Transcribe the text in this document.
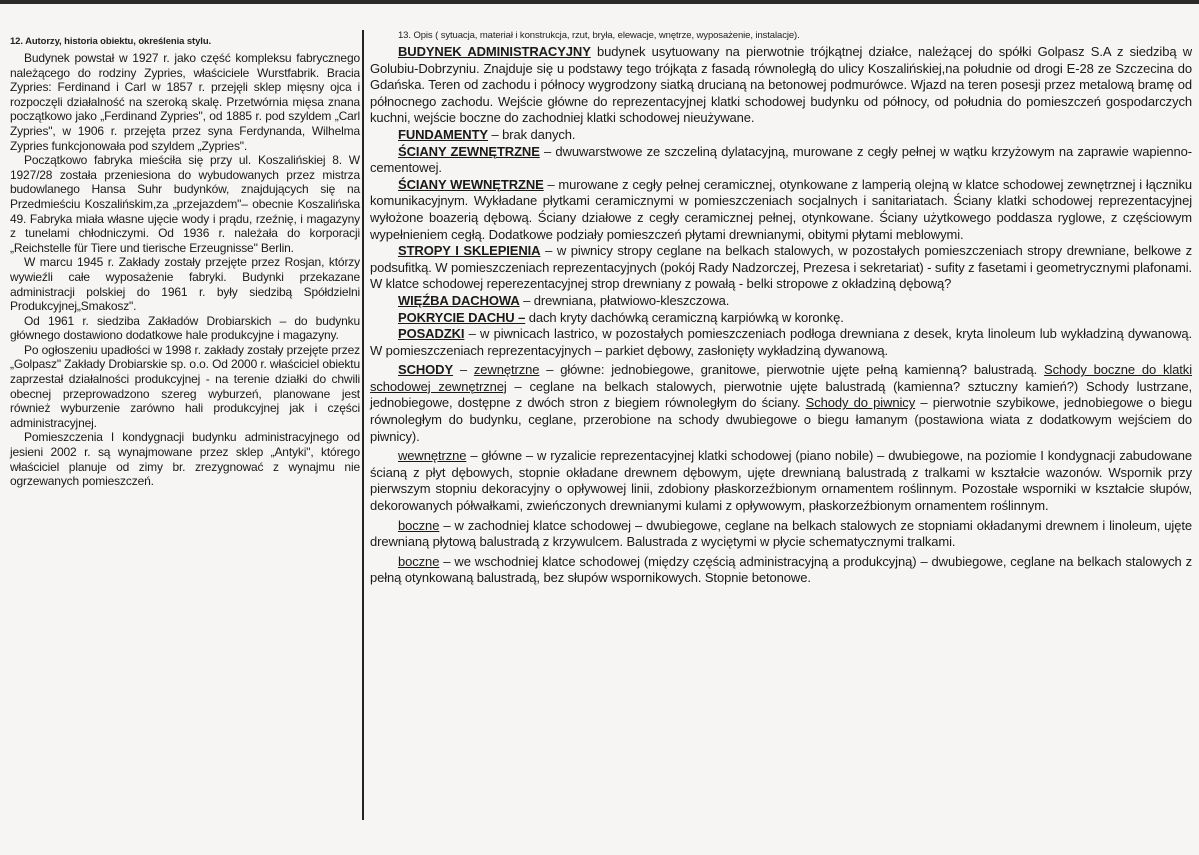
12. Autorzy, historia obiektu, określenia stylu.

Budynek powstał w 1927 r. jako część kompleksu fabrycznego należącego do rodziny Zypries, właściciele Wurstfabrik. Bracia Zypries: Ferdinand i Carl w 1857 r. przejęli sklep mięsny ojca i rozpoczęli działalność na szeroką skalę. Przetwórnia mięsa znana początkowo jako „Ferdinand Zypries", od 1885 r. pod szyldem „Carl Zypries", w 1906 r. przejęta przez syna Ferdynanda, Wilhelma Zypries funkcjonowała pod szyldem „Zypries".

Początkowo fabryka mieściła się przy ul. Koszalińskiej 8. W 1927/28 została przeniesiona do wybudowanych przez mistrza budowlanego Hansa Suhr budynków, znajdujących się na Przedmieściu Koszalińskim,za „przejazdem"– obecnie Koszalińska 49. Fabryka miała własne ujęcie wody i prądu, rzeźnię, i magazyny z tunelami chłodniczymi. Od 1936 r. należała do korporacji „Reichstelle für Tiere und tierische Erzeugnisse" Berlin.

W marcu 1945 r. Zakłady zostały przejęte przez Rosjan, którzy wywieźli całe wyposażenie fabryki. Budynki przekazane administracji polskiej do 1961 r. były siedzibą Spółdzielni Produkcyjnej„Smakosz".

Od 1961 r. siedziba Zakładów Drobiarskich – do budynku głównego dostawiono dodatkowe hale produkcyjne i magazyny.

Po ogłoszeniu upadłości w 1998 r. zakłady zostały przejęte przez „Golpasz" Zakłady Drobiarskie sp. o.o. Od 2000 r. właściciel obiektu zaprzestał działalności produkcyjnej - na terenie działki do chwili obecnej przeprowadzono szereg wyburzeń, planowane jest również wyburzenie zarówno hali produkcyjnej jak i części administracyjnej.

Pomieszczenia I kondygnacji budynku administracyjnego od jesieni 2002 r. są wynajmowane przez sklep „Antyki", którego właściciel planuje od zimy br. zrezygnować z wynajmu nie ogrzewanych pomieszczeń.

13. Opis ( sytuacja, materiał i konstrukcja, rzut, bryła, elewacje, wnętrze, wyposażenie, instalacje).

BUDYNEK ADMINISTRACYJNY budynek usytuowany na pierwotnie trójkątnej działce, należącej do spółki Golpasz S.A z siedzibą w Golubiu-Dobrzyniu. Znajduje się u podstawy tego trójkąta z fasadą równoległą do ulicy Koszalińskiej,na południe od drogi E-28 ze Szczecina do Gdańska. Teren od zachodu i północy wygrodzony siatką drucianą na betonowej podmurówce. Wjazd na teren posesji przez metalową bramę od północnego zachodu. Wejście główne do reprezentacyjnej klatki schodowej budynku od północy, od południa do pomieszczeń gospodarczych kuchni, wejście boczne do zachodniej klatki schodowej nieużywane.

FUNDAMENTY – brak danych.

ŚCIANY ZEWNĘTRZNE – dwuwarstwowe ze szczeliną dylatacyjną, murowane z cegły pełnej w wątku krzyżowym na zaprawie wapienno-cementowej.

ŚCIANY WEWNĘTRZNE – murowane z cegły pełnej ceramicznej, otynkowane z lamperią olejną w klatce schodowej zewnętrznej i łączniku komunikacyjnym. Wykładane płytkami ceramicznymi w pomieszczeniach socjalnych i sanitariatach. Ściany klatki schodowej reprezentacyjnej wyłożone boazerią dębową. Ściany działowe z cegły ceramicznej pełnej, otynkowane. Ściany użytkowego poddasza ryglowe, z częściowym wypełnieniem cegłą. Dodatkowe podziały pomieszczeń płytami drewnianymi, obitymi płytami meblowymi.

STROPY I SKLEPIENIA – w piwnicy stropy ceglane na belkach stalowych, w pozostałych pomieszczeniach stropy drewniane, belkowe z podsufitką. W pomieszczeniach reprezentacyjnych (pokój Rady Nadzorczej, Prezesa i sekretariat) - sufity z fasetami i geometrycznymi plafonami. W klatce schodowej reperezentacyjnej strop drewniany z powałą - belki stropowe z okładziną dębową?

WIĘŹBA DACHOWA – drewniana, płatwiowo-kleszczowa.

POKRYCIE DACHU – dach kryty dachówką ceramiczną karpiówką w koronkę.

POSADZKI – w piwnicach lastrico, w pozostałych pomieszczeniach podłoga drewniana z desek, kryta linoleum lub wykładziną dywanową. W pomieszczeniach reprezentacyjnych – parkiet dębowy, zasłonięty wykładziną dywanową.

SCHODY – zewnętrzne – główne: jednobiegowe, granitowe, pierwotnie ujęte pełną kamienną? balustradą. Schody boczne do klatki schodowej zewnętrznej – ceglane na belkach stalowych, pierwotnie ujęte balustradą (kamienna? sztuczny kamień?) Schody lustrzane, jednobiegowe, dostępne z dwóch stron z biegiem równoległym do ściany. Schody do piwnicy – pierwotnie szybikowe, jednobiegowe o biegu równoległym do budynku, ceglane, przerobione na schody dwubiegowe o biegu łamanym (postawiona wiata z dodatkowym wejściem do piwnicy).

wewnętrzne – główne – w ryzalicie reprezentacyjnej klatki schodowej (piano nobile) – dwubiegowe, na poziomie I kondygnacji zabudowane ścianą z płyt dębowych, stopnie okładane drewnem dębowym, ujęte drewnianą balustradą z tralkami w kształcie wazonów. Wspornik przy pierwszym stopniu dekoracyjny o opływowej linii, zdobiony płaskorzeźbionym ornamentem roślinnym. Pozostałe wsporniki w kształcie słupów, dekorowanych półwałkami, zwieńczonych drewnianymi kulami z opływowym, płaskorzeźbionym ornamentem roślinnym.

boczne – w zachodniej klatce schodowej – dwubiegowe, ceglane na belkach stalowych ze stopniami okładanymi drewnem i linoleum, ujęte drewnianą płytową balustradą z krzywulcem. Balustrada z wyciętymi w płycie schematycznymi tralkami.

boczne – we wschodniej klatce schodowej (między częścią administracyjną a produkcyjną) – dwubiegowe, ceglane na belkach stalowych z pełną otynkowaną balustradą, bez słupów wspornikowych. Stopnie betonowe.
